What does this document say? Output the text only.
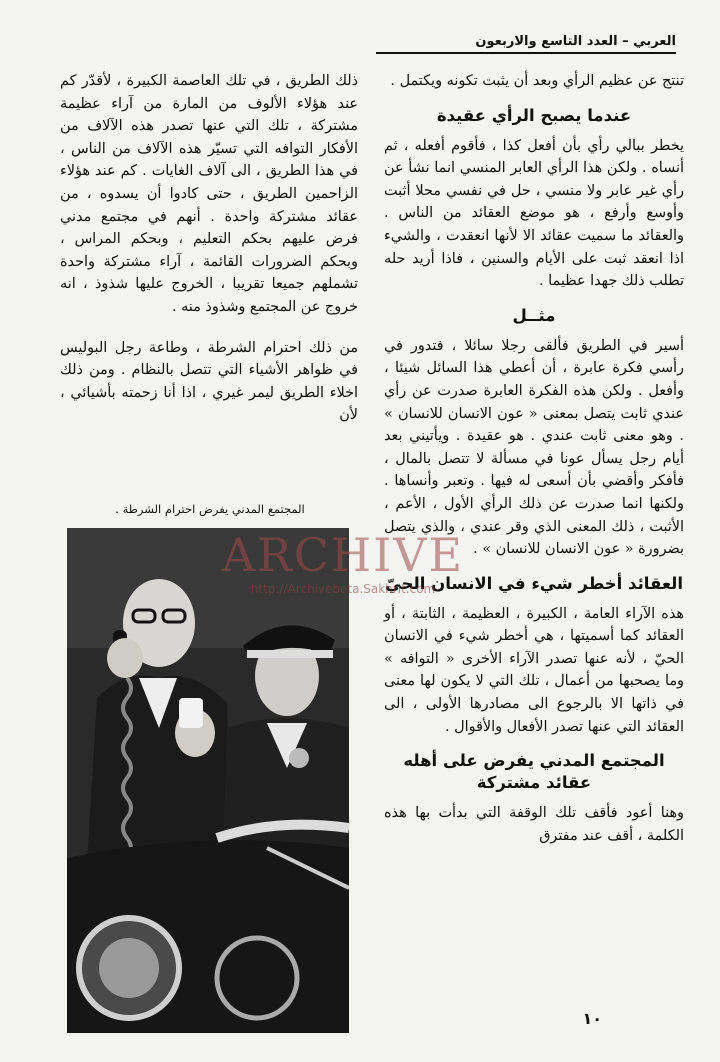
العربي – العدد التاسع والاربعون

تنتج عن عظيم الرأي وبعد أن يثبت تكونه ويكتمل .

عندما يصبح الرأي عقيدة

يخطر ببالي رأي بأن أفعل كذا ، فأقوم أفعله ، ثم أنساه . ولكن هذا الرأي العابر المنسي انما نشأ عن رأي غير عابر ولا منسي ، حل في نفسي محلا أثبت وأوسع وأرفع ، هو موضع العقائد من الناس . والعقائد ما سميت عقائد الا لأنها انعقدت ، والشيء اذا انعقد ثبت على الأيام والسنين ، فاذا أريد حله تطلب ذلك جهدا عظيما .

مثــل

أسير في الطريق فألقى رجلا سائلا ، فتدور في رأسي فكرة عابرة ، أن أعطي هذا السائل شيئا ، وأفعل . ولكن هذه الفكرة العابرة صدرت عن رأي عندي ثابت يتصل بمعنى « عون الانسان للانسان » . وهو معنى ثابت عندي . هو عقيدة . ويأتيني بعد أيام رجل يسأل عونا في مسألة لا تتصل بالمال ، فأفكر وأقضي بأن أسعى له فيها . وتعبر وأنساها . ولكنها انما صدرت عن ذلك الرأي الأول ، الأعم ، الأثبت ، ذلك المعنى الذي وقر عندي ، والذي يتصل بضرورة « عون الانسان للانسان » .

العقائد أخطر شيء في الانسان الحيّ

هذه الآراء العامة ، الكبيرة ، العظيمة ، الثابتة ، أو العقائد كما أسميتها ، هي أخطر شيء في الانسان الحيّ ، لأنه عنها تصدر الآراء الأخرى « التوافه » وما يصحبها من أعمال ، تلك التي لا يكون لها معنى في ذاتها الا بالرجوع الى مصادرها الأولى ، الى العقائد التي عنها تصدر الأفعال والأقوال .

المجتمع المدني يفرض على أهله عقائد مشتركة

وهنا أعود فأقف تلك الوقفة التي بدأت بها هذه الكلمة ، أقف عند مفترق

ذلك الطريق ، في تلك العاصمة الكبيرة ، لأقدّر كم عند هؤلاء الألوف من المارة من آراء عظيمة مشتركة ، تلك التي عنها تصدر هذه الآلاف من الأفكار التوافه التي تسيّر هذه الآلاف من الناس ، في هذا الطريق ، الى آلاف الغايات . كم عند هؤلاء الزاحمين الطريق ، حتى كادوا أن يسدوه ، من عقائد مشتركة واحدة . أنهم في مجتمع مدني فرض عليهم بحكم التعليم ، وبحكم المراس ، وبحكم الضرورات القائمة ، آراء مشتركة واحدة تشملهم جميعا تقريبا ، الخروج عليها شذوذ ، انه خروج عن المجتمع وشذوذ منه .

من ذلك احترام الشرطة ، وطاعة رجل البوليس في ظواهر الأشياء التي تتصل بالنظام . ومن ذلك اخلاء الطريق ليمر غيري ، اذا أنا زحمته بأشيائي ، لأن

المجتمع المدني يفرض احترام الشرطة .
ARCHIVE
http://Archivebeta.Sakhrit.com
١٠
